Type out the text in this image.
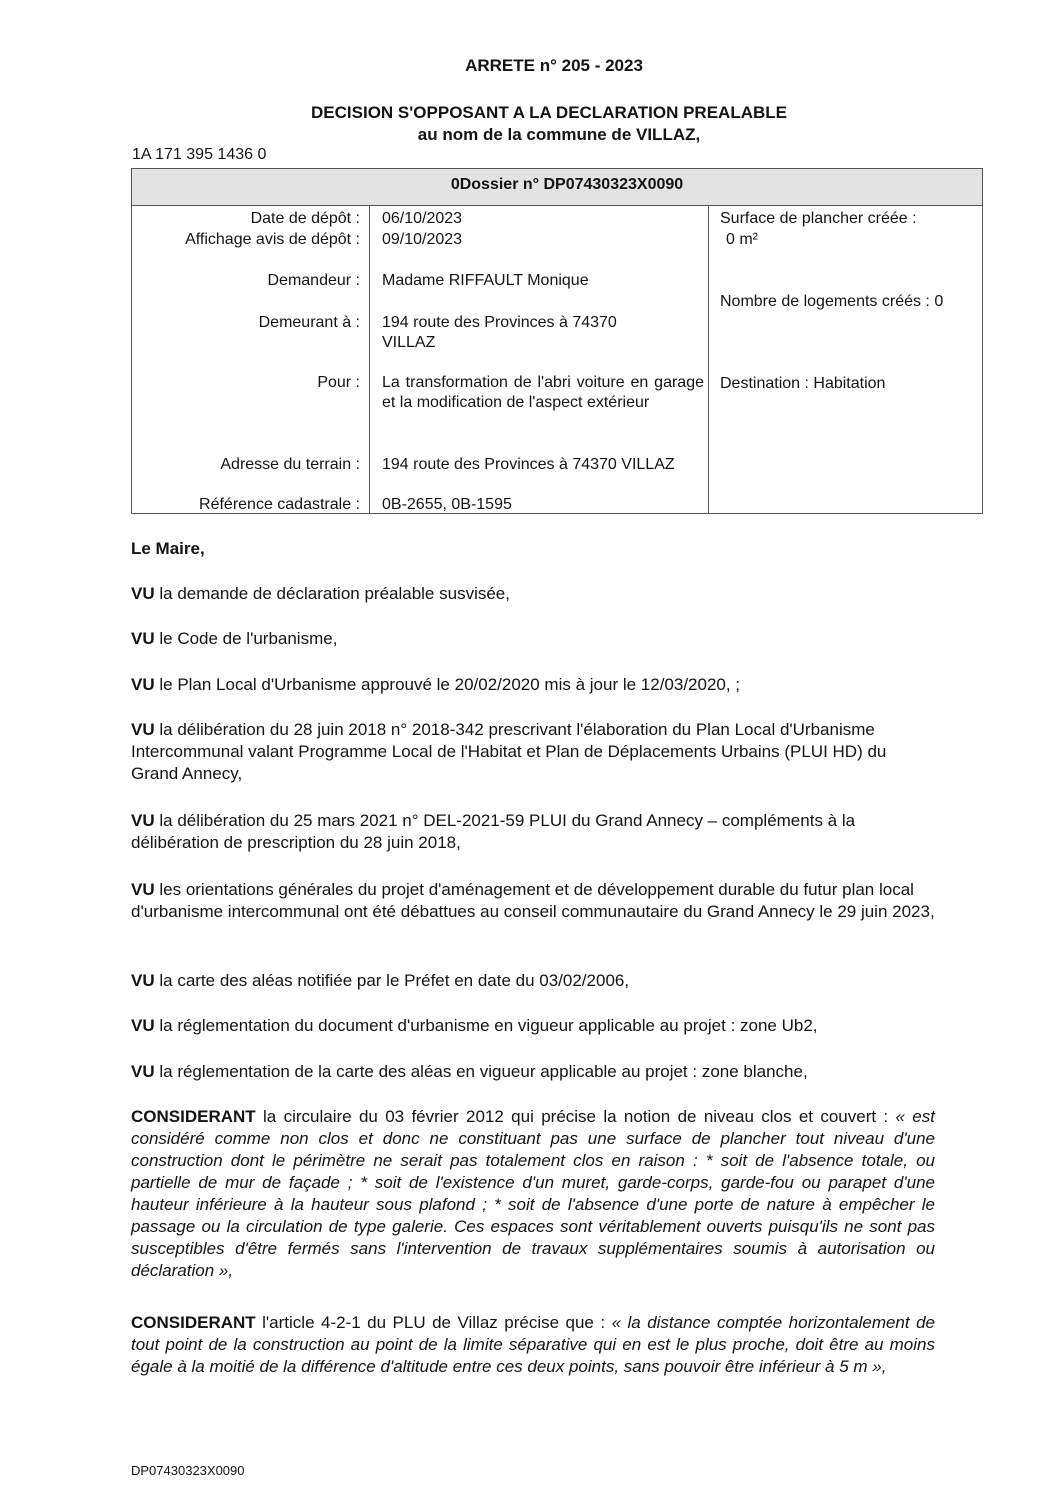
ARRETE n° 205 - 2023
DECISION S'OPPOSANT A LA DECLARATION PREALABLE
au nom de la commune de VILLAZ,
1A 171 395 1436 0
0Dossier n° DP07430323X0090
Date de dépôt : 06/10/2023
Affichage avis de dépôt : 09/10/2023
Demandeur : Madame RIFFAULT Monique
Demeurant à : 194 route des Provinces à 74370
VILLAZ
Pour : La transformation de l'abri voiture en garage et la modification de l'aspect extérieur
Adresse du terrain : 194 route des Provinces à 74370 VILLAZ
Référence cadastrale : 0B-2655, 0B-1595
Surface de plancher créée :
0 m²
Nombre de logements créés : 0
Destination : Habitation
Le Maire,
VU la demande de déclaration préalable susvisée,
VU le Code de l'urbanisme,
VU le Plan Local d'Urbanisme approuvé le 20/02/2020 mis à jour le 12/03/2020, ;
VU la délibération du 28 juin 2018 n° 2018-342 prescrivant l'élaboration du Plan Local d'Urbanisme Intercommunal valant Programme Local de l'Habitat et Plan de Déplacements Urbains (PLUI HD) du Grand Annecy,
VU la délibération du 25 mars 2021 n° DEL-2021-59 PLUI du Grand Annecy – compléments à la délibération de prescription du 28 juin 2018,
VU les orientations générales du projet d'aménagement et de développement durable du futur plan local d'urbanisme intercommunal ont été débattues au conseil communautaire du Grand Annecy le 29 juin 2023,
VU la carte des aléas notifiée par le Préfet en date du 03/02/2006,
VU la réglementation du document d'urbanisme en vigueur applicable au projet : zone Ub2,
VU la réglementation de la carte des aléas en vigueur applicable au projet : zone blanche,
CONSIDERANT la circulaire du 03 février 2012 qui précise la notion de niveau clos et couvert : « est considéré comme non clos et donc ne constituant pas une surface de plancher tout niveau d'une construction dont le périmètre ne serait pas totalement clos en raison : * soit de l'absence totale, ou partielle de mur de façade ; * soit de l'existence d'un muret, garde-corps, garde-fou ou parapet d'une hauteur inférieure à la hauteur sous plafond ; * soit de l'absence d'une porte de nature à empêcher le passage ou la circulation de type galerie. Ces espaces sont véritablement ouverts puisqu'ils ne sont pas susceptibles d'être fermés sans l'intervention de travaux supplémentaires soumis à autorisation ou déclaration »,
CONSIDERANT l'article 4-2-1 du PLU de Villaz précise que : « la distance comptée horizontalement de tout point de la construction au point de la limite séparative qui en est le plus proche, doit être au moins égale à la moitié de la différence d'altitude entre ces deux points, sans pouvoir être inférieur à 5 m »,
DP07430323X0090
